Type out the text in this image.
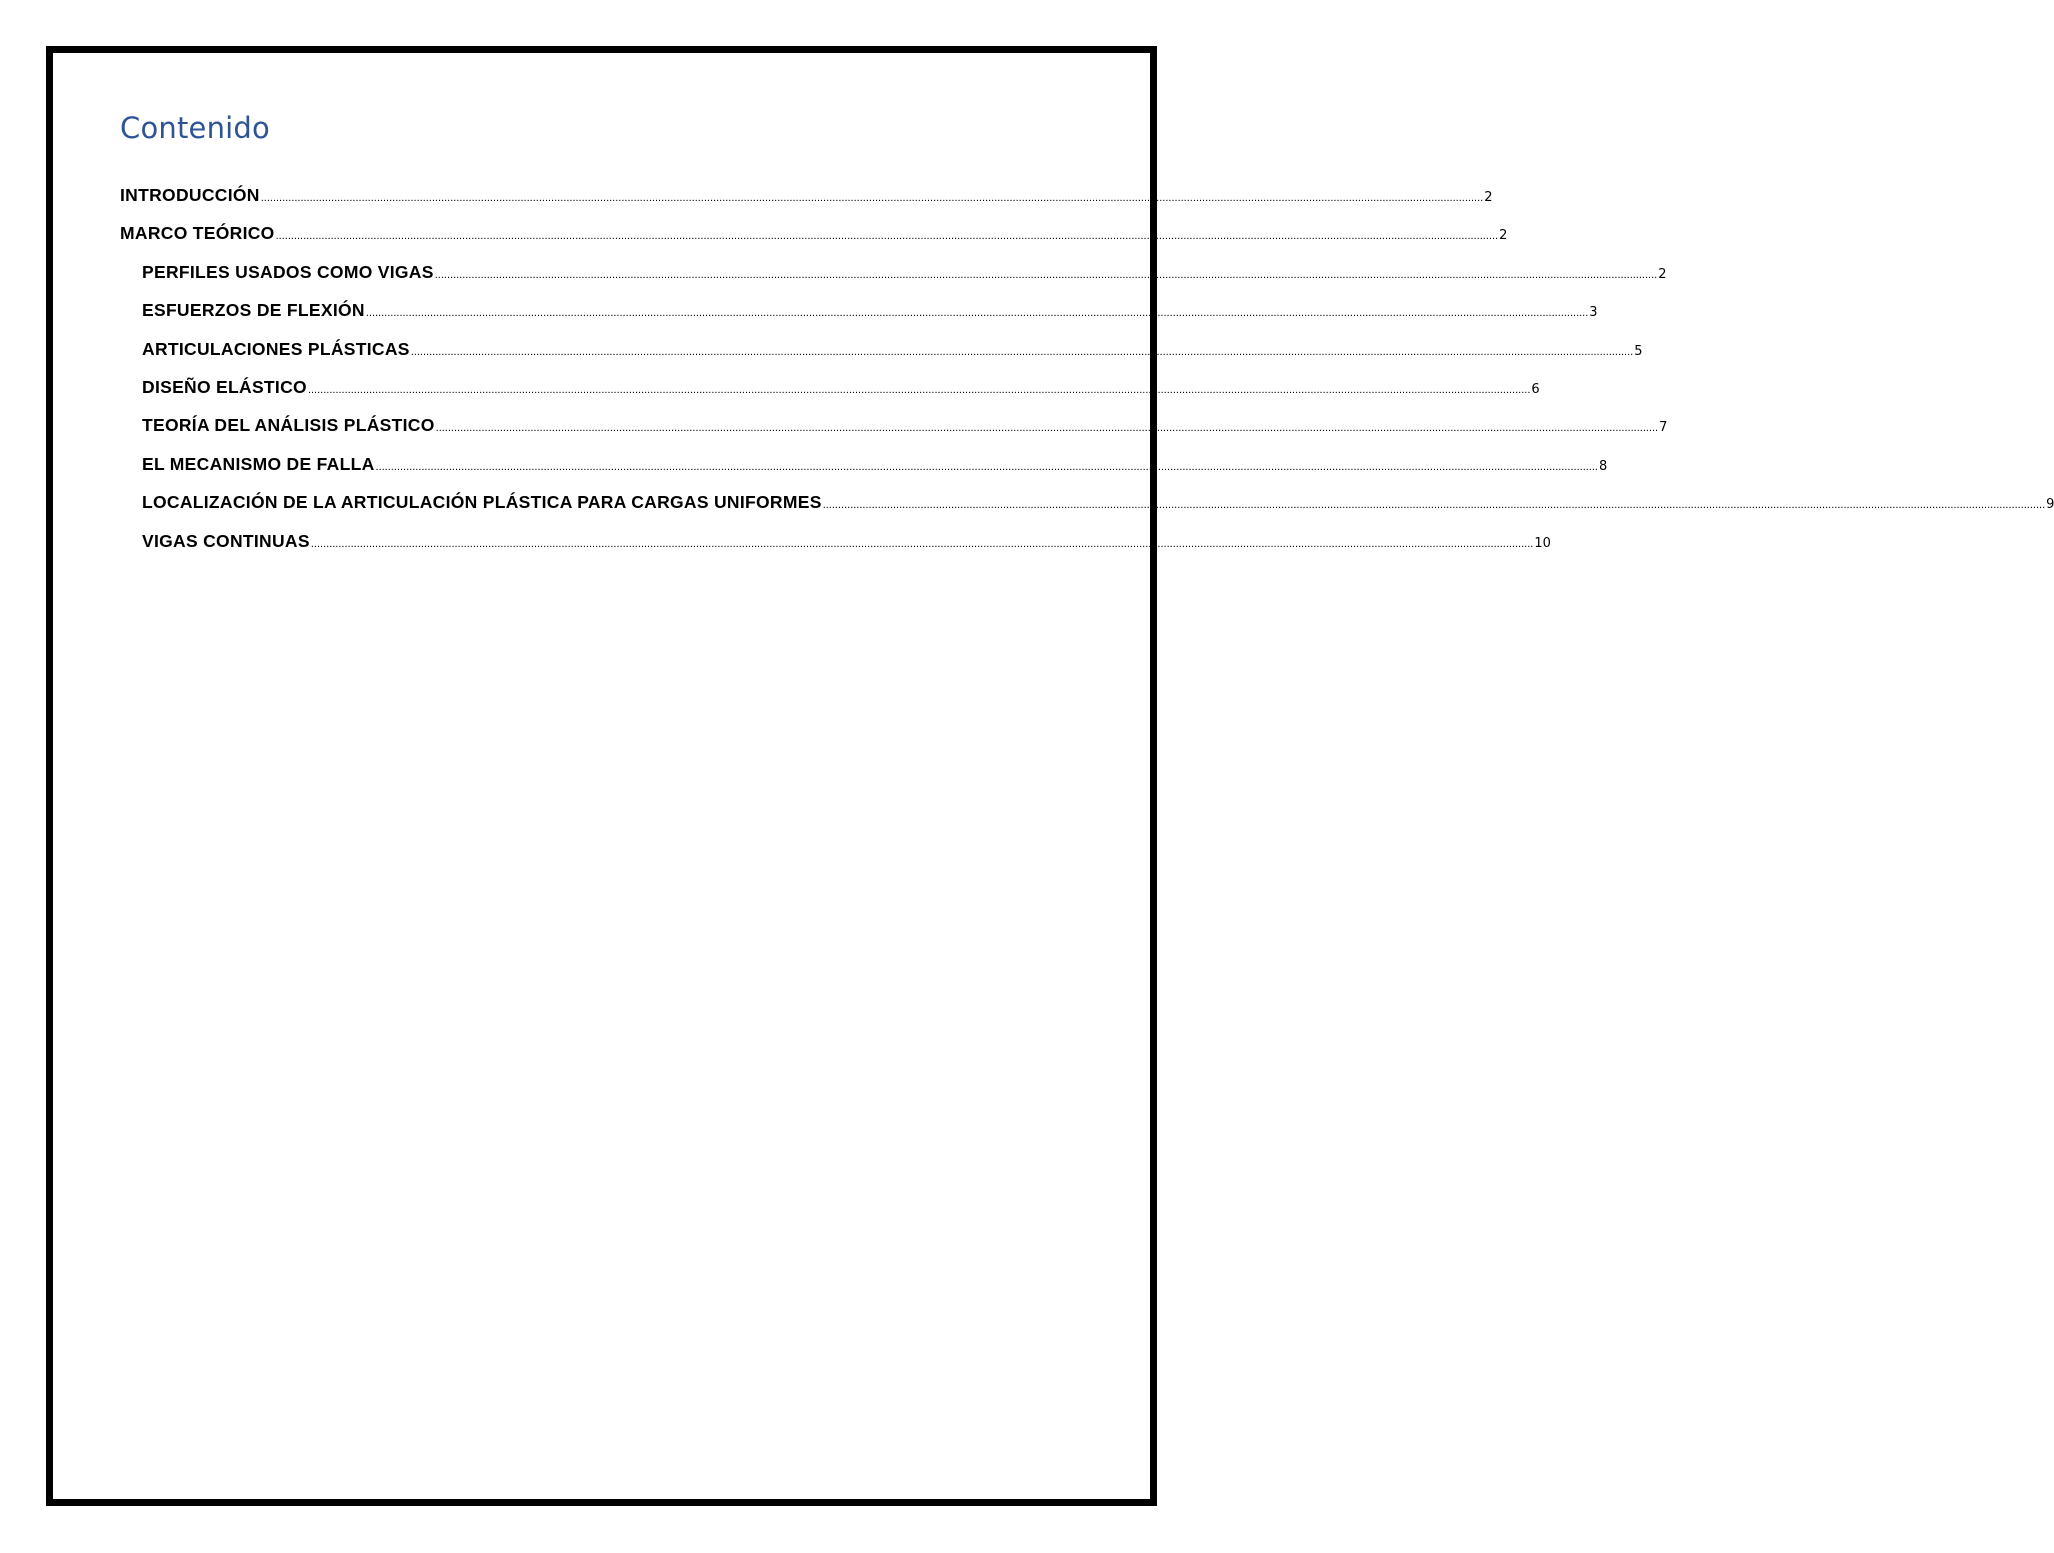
Contenido
INTRODUCCIÓN ................................................................................................................................................................................................................................................................................................................................................................................................................ 2
MARCO TEÓRICO ................................................................................................................................................................................................................................................................................................................................................................................................................ 2
PERFILES USADOS COMO VIGAS ................................................................................................................................................................................................................................................................................................................................................................................................................ 2
ESFUERZOS DE FLEXIÓN ................................................................................................................................................................................................................................................................................................................................................................................................................ 3
ARTICULACIONES PLÁSTICAS ................................................................................................................................................................................................................................................................................................................................................................................................................ 5
DISEÑO ELÁSTICO ................................................................................................................................................................................................................................................................................................................................................................................................................ 6
TEORÍA DEL ANÁLISIS PLÁSTICO ................................................................................................................................................................................................................................................................................................................................................................................................................ 7
EL MECANISMO DE FALLA ................................................................................................................................................................................................................................................................................................................................................................................................................ 8
LOCALIZACIÓN DE LA ARTICULACIÓN PLÁSTICA PARA CARGAS UNIFORMES ................................................................................................................................................................................................................................................................................................................................................................................................................ 9
VIGAS CONTINUAS ................................................................................................................................................................................................................................................................................................................................................................................................................ 10
